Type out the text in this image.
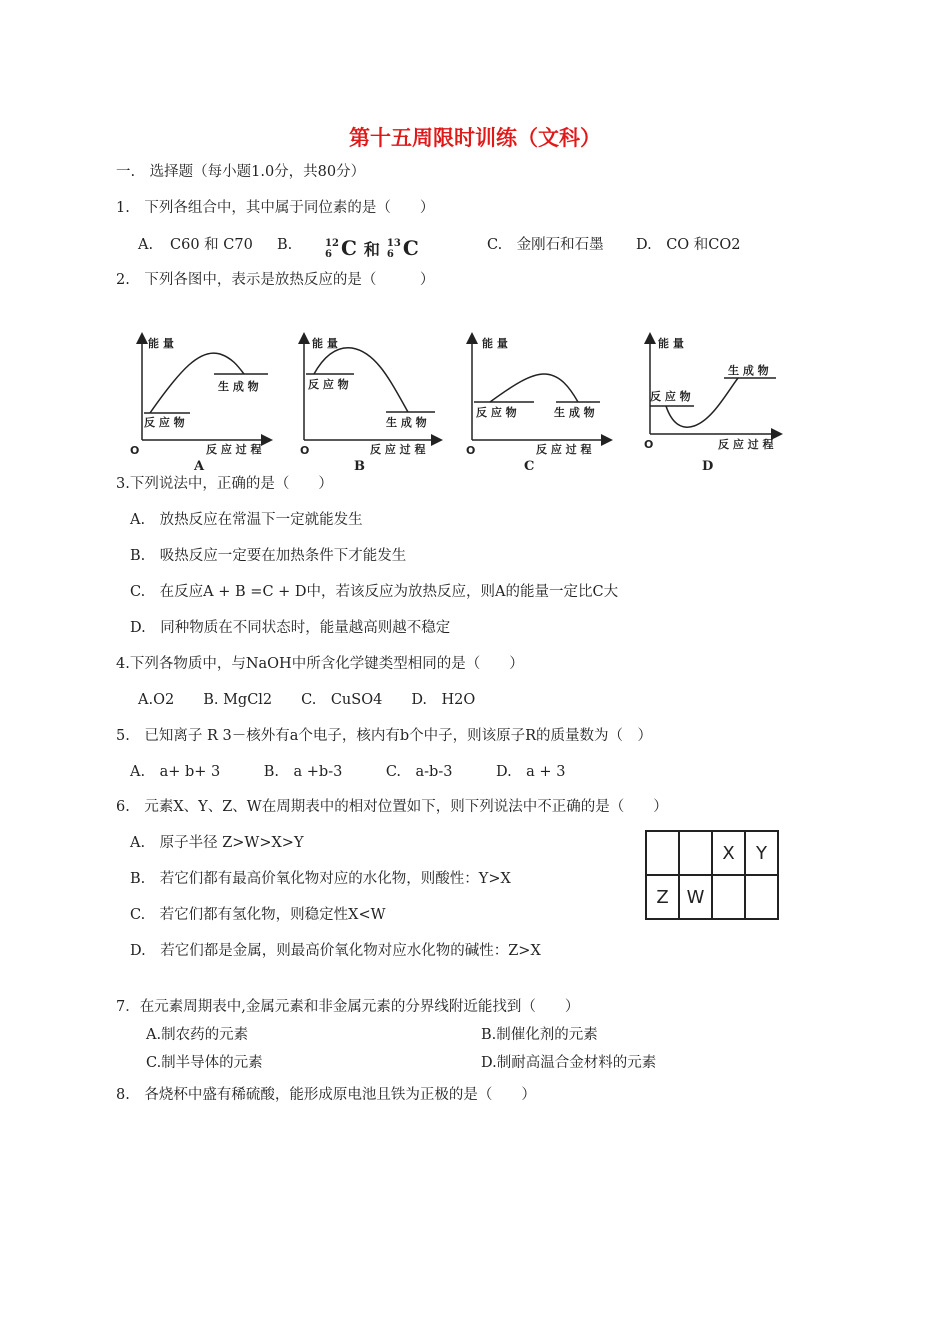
第十五周限时训练（文科）
一.　选择题（每小题1.0分，共80分）
1.　下列各组合中，其中属于同位素的是（　　）
A. C60 和 C70 B.	12
6 C 和 13
6 C	C.　金刚石和石墨 D.　CO 和CO2
2.　下列各图中，表示是放热反应的是（　　　）
能 量
反 应 物
生 成 物
O	反 应 过 程
A
能 量
反 应 物
生 成 物
O	反 应 过 程
B
能 量
反 应 物	生 成 物
O	反 应 过 程
C
能 量
反 应 物
生 成 物
O	反 应 过 程
D
3.下列说法中，正确的是（　　）
A.　放热反应在常温下一定就能发生
B.　吸热反应一定要在加热条件下才能发生
C.　在反应A + B =C + D中，若该反应为放热反应，则A的能量一定比C大
D.　同种物质在不同状态时，能量越高则越不稳定
4.下列各物质中，与NaOH中所含化学键类型相同的是（　　）
A.O2　　B. MgCl2　　C.　CuSO4　　D.　H2O
5.　已知离子 R 3－核外有a个电子，核内有b个中子，则该原子R的质量数为（　）
A.　a+ b+ 3　　　B.　a +b-3　　　C.　a-b-3　　　D.　a + 3
6.　元素X、Y、Z、W在周期表中的相对位置如下，则下列说法中不正确的是（　　）
A.　原子半径 Z>W>X>Y
B.　若它们都有最高价氧化物对应的水化物，则酸性：Y>X
C.　若它们都有氢化物，则稳定性X<W
D.　若它们都是金属，则最高价氧化物对应水化物的碱性：Z>X
		X	Y
Z	W		
7．在元素周期表中,金属元素和非金属元素的分界线附近能找到（　　）
A.制农药的元素	B.制催化剂的元素
C.制半导体的元素	D.制耐高温合金材料的元素
8.　各烧杯中盛有稀硫酸，能形成原电池且铁为正极的是（　　）
